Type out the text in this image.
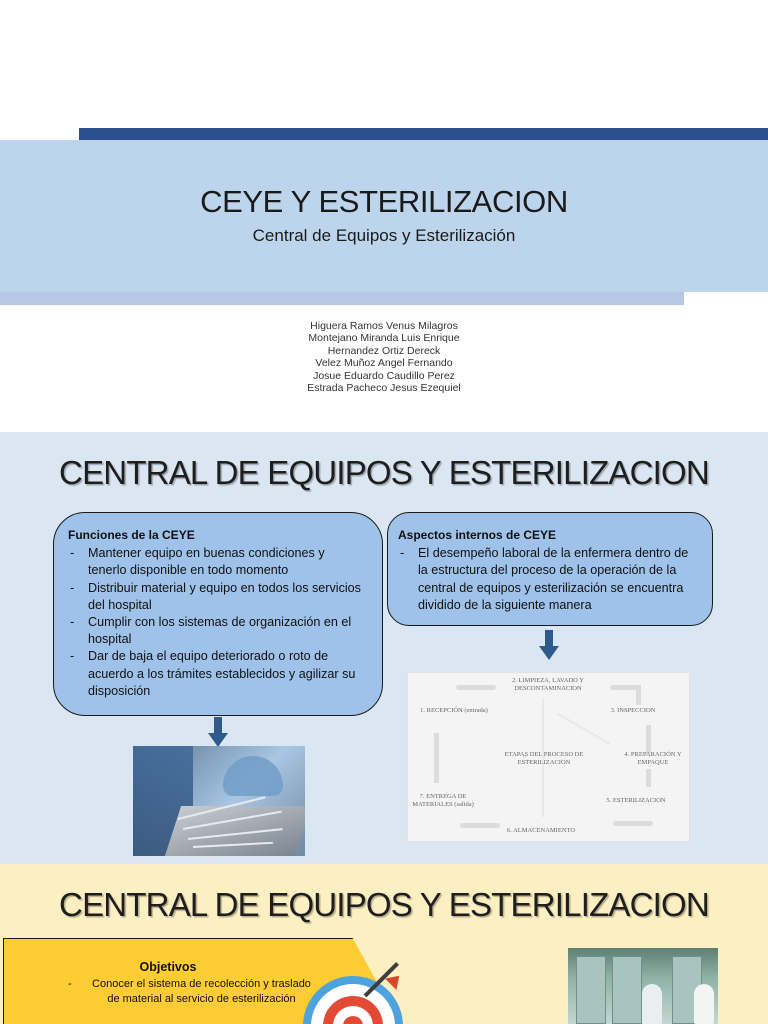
CEYE Y ESTERILIZACION
Central de Equipos y Esterilización
Higuera Ramos Venus Milagros
Montejano Miranda Luis Enrique
Hernandez Ortiz Dereck
Velez Muñoz Angel Fernando
Josue Eduardo Caudillo Perez
Estrada Pacheco Jesus Ezequiel
CENTRAL DE EQUIPOS Y ESTERILIZACION
Funciones de la CEYE
- Mantener equipo en buenas condiciones y tenerlo disponible en todo momento
- Distribuir material y equipo en todos los servicios del hospital
- Cumplir con los sistemas de organización en el hospital
- Dar de baja el equipo deteriorado o roto de acuerdo a los trámites establecidos y agilizar su disposición
Aspectos internos de CEYE
- El desempeño laboral de la enfermera dentro de la estructura del proceso de la operación de la central de equipos y esterilización se encuentra dividido de la siguiente manera
2. LIMPIEZA, LAVADO Y DESCONTAMINACION
1. RECEPCIÓN (entrada)	3. INSPECCION
ETAPAS DEL PROCESO DE ESTERILIZACION
4. PREPARACIÓN Y EMPAQUE
5. ESTERILIZACION
7. ENTREGA DE MATERIALES (salida)
6. ALMACENAMIENTO
CENTRAL DE EQUIPOS Y ESTERILIZACION
Objetivos
- Conocer el sistema de recolección y traslado de material al servicio de esterilización
